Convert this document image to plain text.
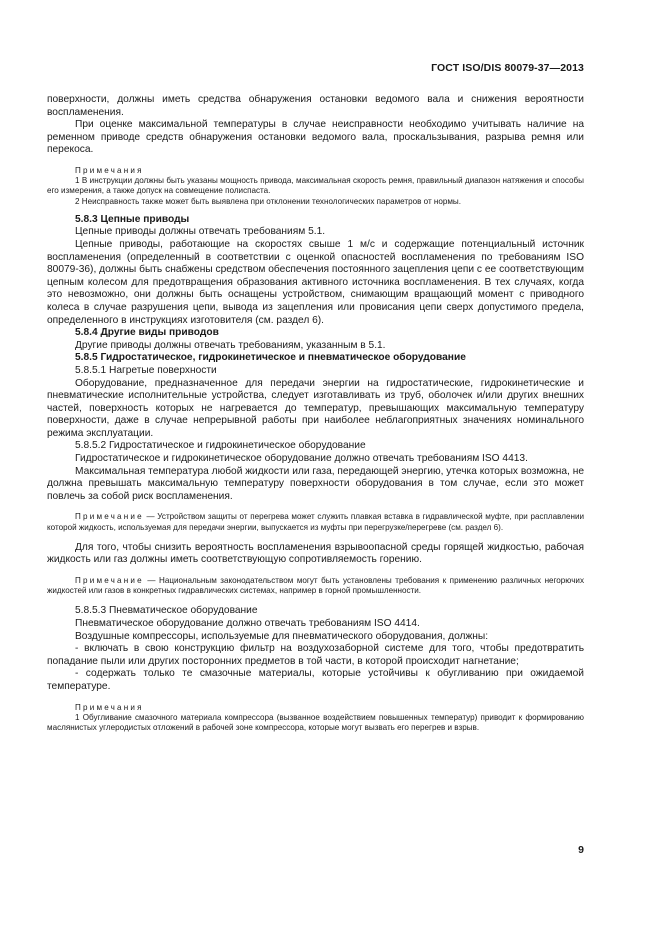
ГОСТ ISO/DIS 80079-37—2013

поверхности, должны иметь средства обнаружения остановки ведомого вала и снижения вероятности воспламенения.

При оценке максимальной температуры в случае неисправности необходимо учитывать наличие на ременном приводе средств обнаружения остановки ведомого вала, проскальзывания, разрыва ремня или перекоса.

Примечания
1 В инструкции должны быть указаны мощность привода, максимальная скорость ремня, правильный диапазон натяжения и способы его измерения, а также допуск на совмещение полиспаста.
2 Неисправность также может быть выявлена при отклонении технологических параметров от нормы.

5.8.3 Цепные приводы

Цепные приводы должны отвечать требованиям 5.1.

Цепные приводы, работающие на скоростях свыше 1 м/с и содержащие потенциальный источник воспламенения (определенный в соответствии с оценкой опасностей воспламенения по требованиям ISO 80079-36), должны быть снабжены средством обеспечения постоянного зацепления цепи с ее соответствующим цепным колесом для предотвращения образования активного источника воспламенения. В тех случаях, когда это невозможно, они должны быть оснащены устройством, снимающим вращающий момент с приводного колеса в случае разрушения цепи, вывода из зацепления или провисания цепи сверх допустимого предела, определенного в инструкциях изготовителя (см. раздел 6).

5.8.4 Другие виды приводов

Другие приводы должны отвечать требованиям, указанным в 5.1.

5.8.5 Гидростатическое, гидрокинетическое и пневматическое оборудование

5.8.5.1 Нагретые поверхности

Оборудование, предназначенное для передачи энергии на гидростатические, гидрокинетические и пневматические исполнительные устройства, следует изготавливать из труб, оболочек и/или других внешних частей, поверхность которых не нагревается до температур, превышающих максимальную температуру поверхности, даже в случае непрерывной работы при наиболее неблагоприятных значениях номинального режима эксплуатации.

5.8.5.2 Гидростатическое и гидрокинетическое оборудование

Гидростатическое и гидрокинетическое оборудование должно отвечать требованиям ISO 4413.

Максимальная температура любой жидкости или газа, передающей энергию, утечка которых возможна, не должна превышать максимальную температуру поверхности оборудования в том случае, если это может повлечь за собой риск воспламенения.

Примечание — Устройством защиты от перегрева может служить плавкая вставка в гидравлической муфте, при расплавлении которой жидкость, используемая для передачи энергии, выпускается из муфты при перегрузке/перегреве (см. раздел 6).

Для того, чтобы снизить вероятность воспламенения взрывоопасной среды горящей жидкостью, рабочая жидкость или газ должны иметь соответствующую сопротивляемость горению.

Примечание — Национальным законодательством могут быть установлены требования к применению различных негорючих жидкостей или газов в конкретных гидравлических системах, например в горной промышленности.

5.8.5.3 Пневматическое оборудование

Пневматическое оборудование должно отвечать требованиям ISO 4414.

Воздушные компрессоры, используемые для пневматического оборудования, должны:

- включать в свою конструкцию фильтр на воздухозаборной системе для того, чтобы предотвратить попадание пыли или других посторонних предметов в той части, в которой происходит нагнетание;

- содержать только те смазочные материалы, которые устойчивы к обугливанию при ожидаемой температуре.

Примечания
1 Обугливание смазочного материала компрессора (вызванное воздействием повышенных температур) приводит к формированию маслянистых углеродистых отложений в рабочей зоне компрессора, которые могут вызвать его перегрев и взрыв.
9
